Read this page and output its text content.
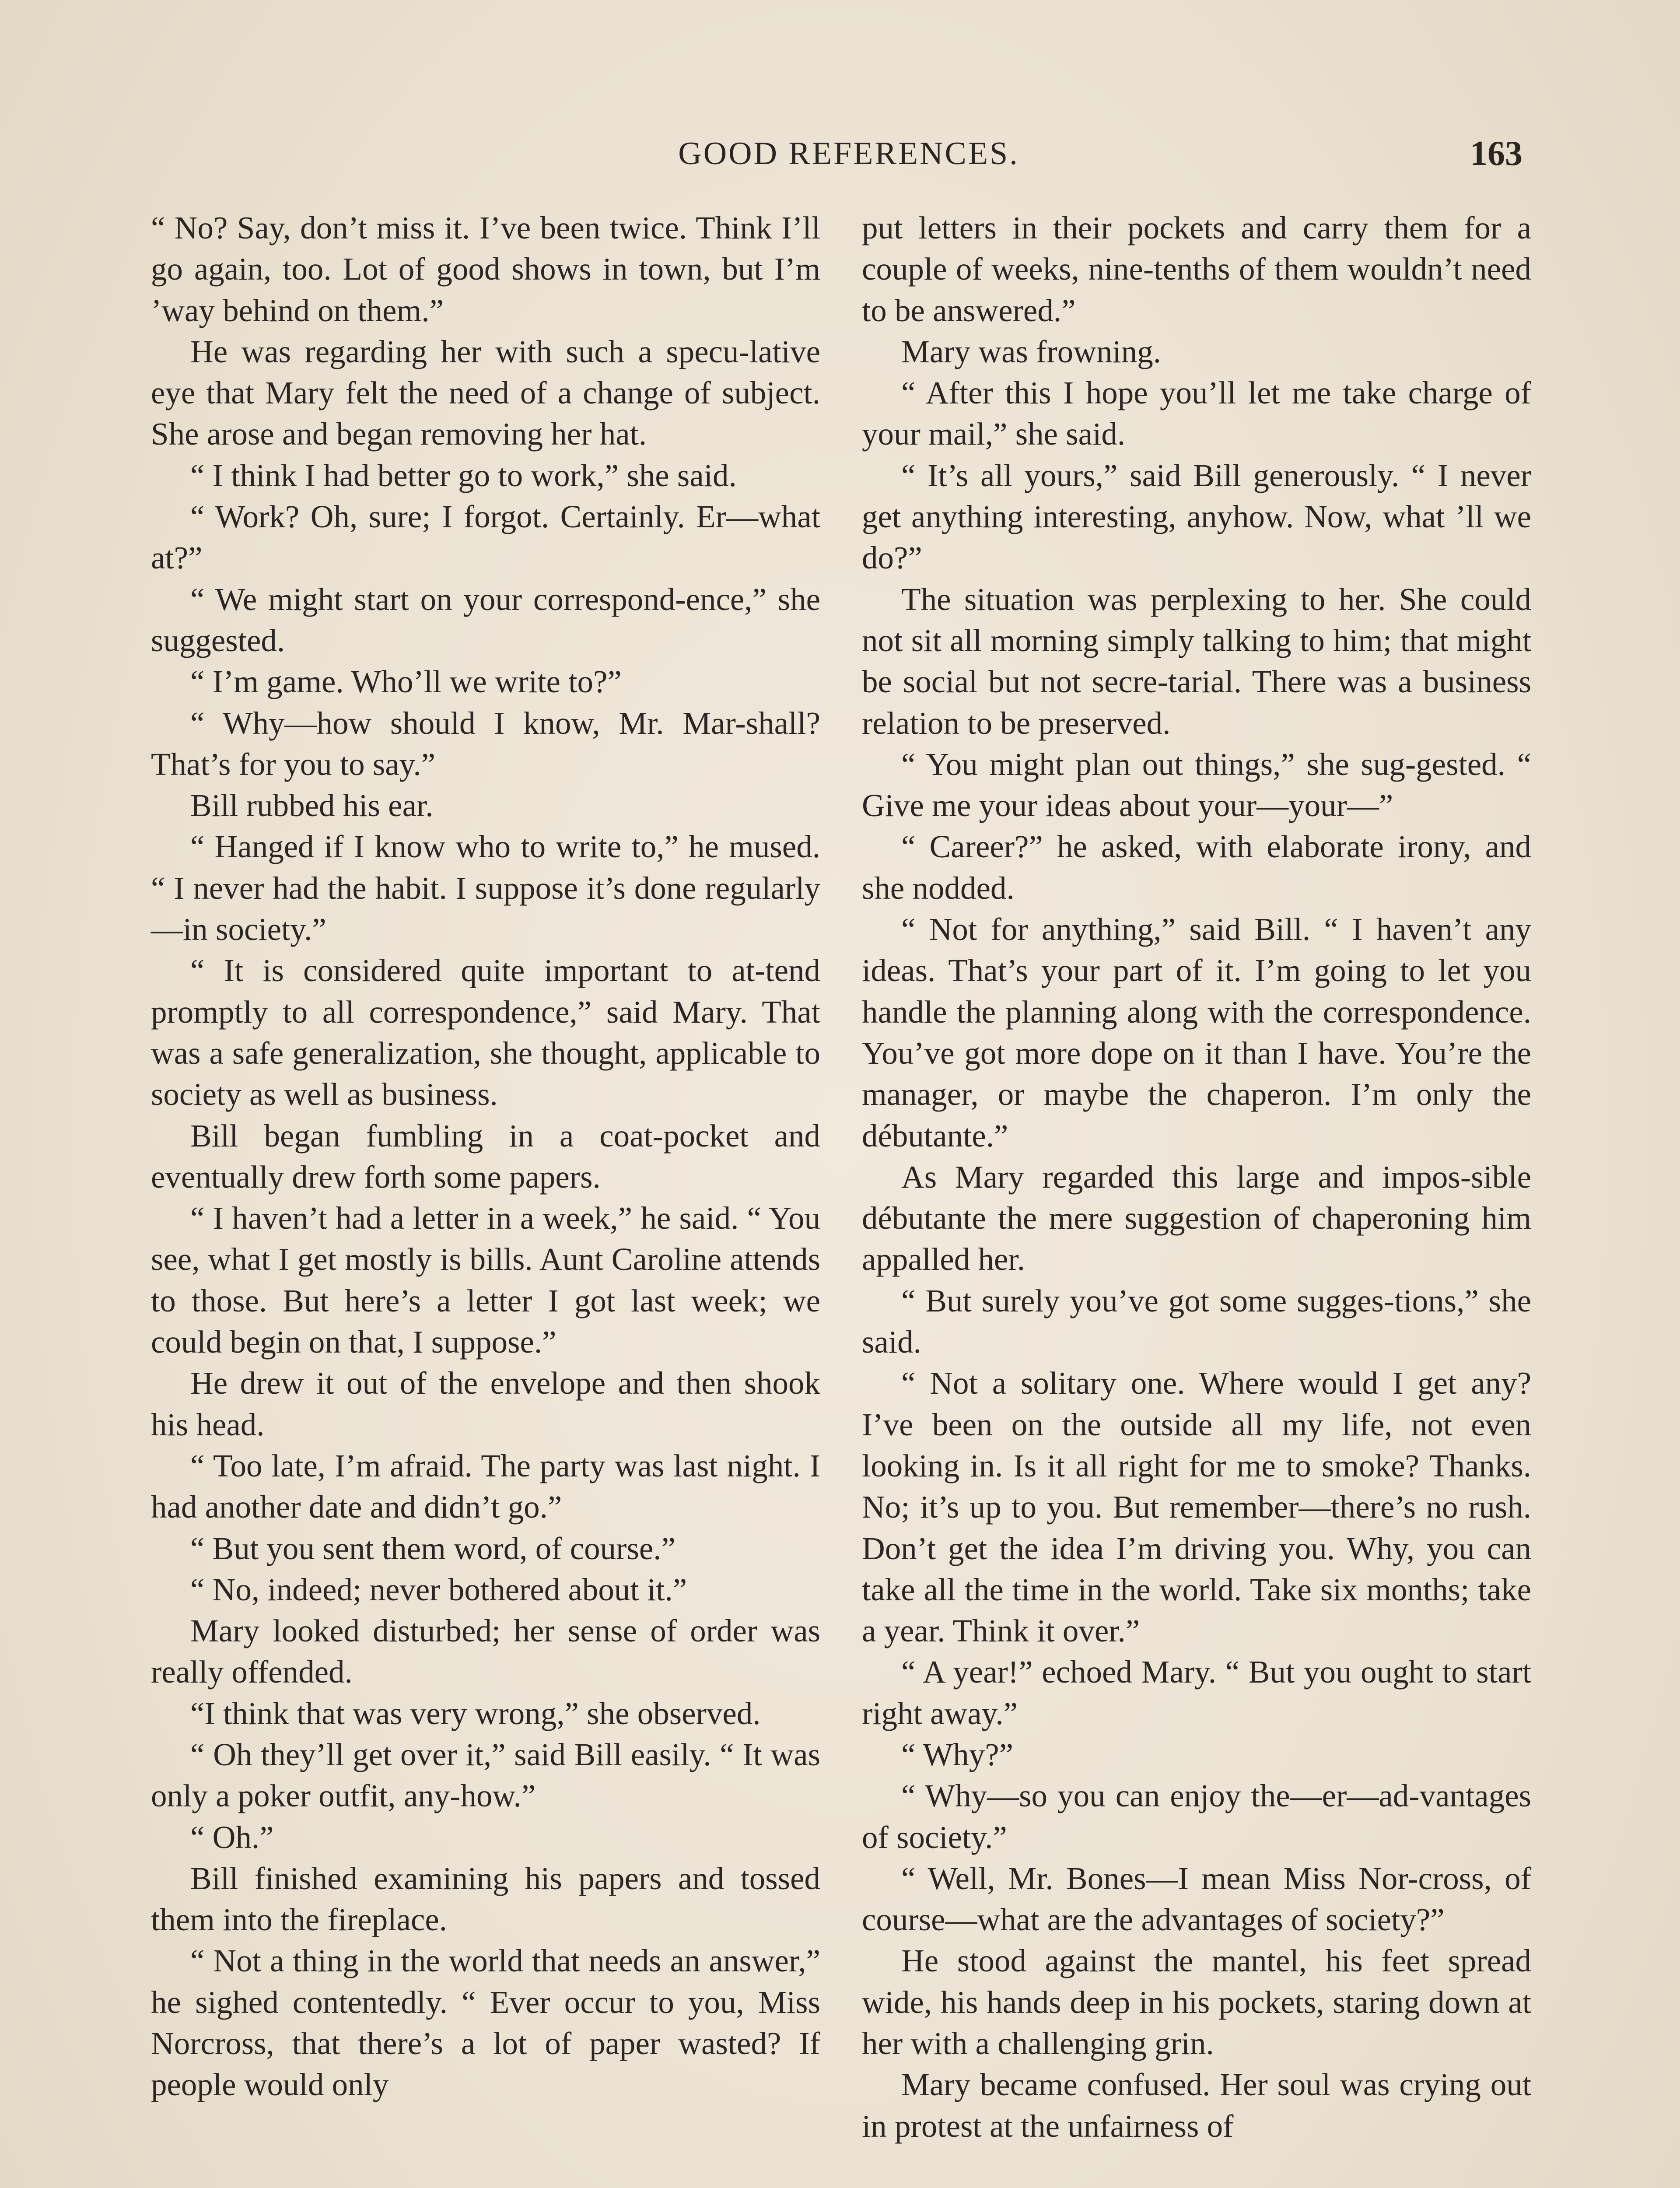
GOOD REFERENCES.	163

“ No? Say, don’t miss it. I’ve been twice. Think I’ll go again, too. Lot of good shows in town, but I’m ’way behind on them.”

He was regarding her with such a specu-lative eye that Mary felt the need of a change of subject. She arose and began removing her hat.

“ I think I had better go to work,” she said.

“ Work? Oh, sure; I forgot. Certainly. Er—what at?”

“ We might start on your correspond-ence,” she suggested.

“ I’m game. Who’ll we write to?”

“ Why—how should I know, Mr. Mar-shall? That’s for you to say.”

Bill rubbed his ear.

“ Hanged if I know who to write to,” he mused. “ I never had the habit. I suppose it’s done regularly—in society.”

“ It is considered quite important to at-tend promptly to all correspondence,” said Mary. That was a safe generalization, she thought, applicable to society as well as business.

Bill began fumbling in a coat-pocket and eventually drew forth some papers.

“ I haven’t had a letter in a week,” he said. “ You see, what I get mostly is bills. Aunt Caroline attends to those. But here’s a letter I got last week; we could begin on that, I suppose.”

He drew it out of the envelope and then shook his head.

“ Too late, I’m afraid. The party was last night. I had another date and didn’t go.”

“ But you sent them word, of course.”

“ No, indeed; never bothered about it.”

Mary looked disturbed; her sense of order was really offended.

“I think that was very wrong,” she observed.

“ Oh they’ll get over it,” said Bill easily. “ It was only a poker outfit, any-how.”

“ Oh.”

Bill finished examining his papers and tossed them into the fireplace.

“ Not a thing in the world that needs an answer,” he sighed contentedly. “ Ever occur to you, Miss Norcross, that there’s a lot of paper wasted? If people would only

put letters in their pockets and carry them for a couple of weeks, nine-tenths of them wouldn’t need to be answered.”

Mary was frowning.

“ After this I hope you’ll let me take charge of your mail,” she said.

“ It’s all yours,” said Bill generously. “ I never get anything interesting, anyhow. Now, what ’ll we do?”

The situation was perplexing to her. She could not sit all morning simply talking to him; that might be social but not secre-tarial. There was a business relation to be preserved.

“ You might plan out things,” she sug-gested. “ Give me your ideas about your—your—”

“ Career?” he asked, with elaborate irony, and she nodded.

“ Not for anything,” said Bill. “ I haven’t any ideas. That’s your part of it. I’m going to let you handle the planning along with the correspondence. You’ve got more dope on it than I have. You’re the manager, or maybe the chaperon. I’m only the débutante.”

As Mary regarded this large and impos-sible débutante the mere suggestion of chaperoning him appalled her.

“ But surely you’ve got some sugges-tions,” she said.

“ Not a solitary one. Where would I get any? I’ve been on the outside all my life, not even looking in. Is it all right for me to smoke? Thanks. No; it’s up to you. But remember—there’s no rush. Don’t get the idea I’m driving you. Why, you can take all the time in the world. Take six months; take a year. Think it over.”

“ A year!” echoed Mary. “ But you ought to start right away.”

“ Why?”

“ Why—so you can enjoy the—er—ad-vantages of society.”

“ Well, Mr. Bones—I mean Miss Nor-cross, of course—what are the advantages of society?”

He stood against the mantel, his feet spread wide, his hands deep in his pockets, staring down at her with a challenging grin.

Mary became confused. Her soul was crying out in protest at the unfairness of
